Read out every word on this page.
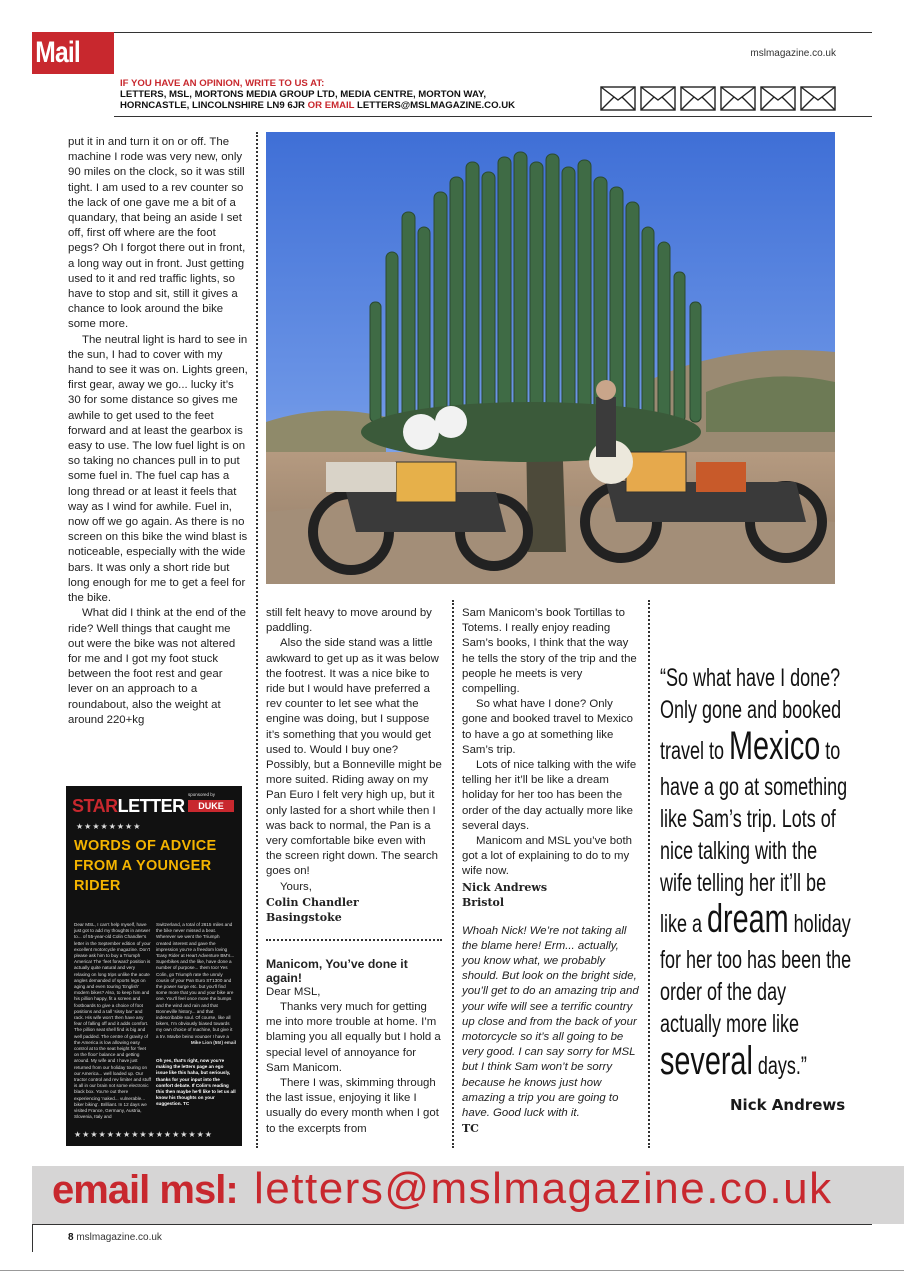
Mail	mslmagazine.co.uk
IF YOU HAVE AN OPINION, WRITE TO US AT:
LETTERS, MSL, MORTONS MEDIA GROUP LTD, MEDIA CENTRE, MORTON WAY,
HORNCASTLE, LINCOLNSHIRE LN9 6JR OR EMAIL LETTERS@MSLMAGAZINE.CO.UK

put it in and turn it on or off. The machine I rode was very new, only 90 miles on the clock, so it was still tight. I am used to a rev counter so the lack of one gave me a bit of a quandary, that being an aside I set off, first off where are the foot pegs? Oh I forgot there out in front, a long way out in front. Just getting used to it and red traffic lights, so have to stop and sit, still it gives a chance to look around the bike some more.

The neutral light is hard to see in the sun, I had to cover with my hand to see it was on. Lights green, first gear, away we go... lucky it’s 30 for some distance so gives me awhile to get used to the feet forward and at least the gearbox is easy to use. The low fuel light is on so taking no chances pull in to put some fuel in. The fuel cap has a long thread or at least it feels that way as I wind for awhile. Fuel in, now off we go again. As there is no screen on this bike the wind blast is noticeable, especially with the wide bars. It was only a short ride but long enough for me to get a feel for the bike.

What did I think at the end of the ride? Well things that caught me out were the bike was not altered for me and I got my foot stuck between the foot rest and gear lever on an approach to a roundabout, also the weight at around 220+kg

STARLETTER
sponsored by
DUKE
★★★★★★★★
WORDS OF ADVICE FROM A YOUNGER RIDER
Dear MSL, I can’t help myself, have just got to add my thoughts in answer to... of 55-year-old Colin Chandler’s letter in the September edition of your excellent motorcycle magazine. Don’t please ask him to buy a Triumph America! The ‘feet forward’ position is actually quite natural and very relaxing on long trips unlike the acute angles demanded of sports legs on aging and even touring ‘English’ modern bikes? Also, to keep him and his pillion happy, fit a screen and footboards to give a choice of foot positions and a tall ‘sissy bar’ and rack. His wife won’t then have any fear of falling off and it adds comfort. The pillion seat shell find is big and well padded. The centre of gravity of the America is low allowing easy control at to the seat height for ‘feet on the floor’ balance and getting around. My wife and I have just returned from our holiday touring on our America... well loaded up. Our tractor control and rev limiter and stuff is all in our brain not some electronic black box. You’re out there experiencing ‘naked... vulnerable... biker biking’. Brilliant. In 12 days we visited France, Germany, Austria, Slovenia, Italy and
Switzerland, a total of 2615 miles and the bike never missed a beat. Wherever we went the Triumph created interest and gave the impression you’re a freedom loving ‘Easy Rider at Heart Adventure BM’s... Superbikes and the like, have done a number of purpose... them too! Yes Colin, go Triumph rate the unruly cousin of your Pan Euro ST1300 and the power surge etc. but you’ll find some more that you and your bike are one. You’ll feel once more the bumps and the wind and rain and that Bonneville history... and that indescribable soul. Of course, like all bikers, I’m obviously biased towards my own choice of machine, but give it a try. Maybe being younger I have a
Mike Lion (55!) email
Oh yes, that’s right, now you’re making the letters page an ego issue like this haha, but seriously, thanks for your input into the comfort debate. If Colin’s reading this then maybe he’ll like to let us all know his thoughts on your suggestion. TC
★★★★★★★★★★★★★★★★★

still felt heavy to move around by paddling.

Also the side stand was a little awkward to get up as it was below the footrest. It was a nice bike to ride but I would have preferred a rev counter to let see what the engine was doing, but I suppose it’s something that you would get used to. Would I buy one? Possibly, but a Bonneville might be more suited. Riding away on my Pan Euro I felt very high up, but it only lasted for a short while then I was back to normal, the Pan is a very comfortable bike even with the screen right down. The search goes on!

Yours,

Colin Chandler
Basingstoke
Manicom, You’ve done it again!

Dear MSL,

Thanks very much for getting me into more trouble at home. I’m blaming you all equally but I hold a special level of annoyance for Sam Manicom.

There I was, skimming through the last issue, enjoying it like I usually do every month when I got to the excerpts from

Sam Manicom’s book Tortillas to Totems. I really enjoy reading Sam’s books, I think that the way he tells the story of the trip and the people he meets is very compelling.

So what have I done? Only gone and booked travel to Mexico to have a go at something like Sam’s trip.

Lots of nice talking with the wife telling her it’ll be like a dream holiday for her too has been the order of the day actually more like several days.

Manicom and MSL you’ve both got a lot of explaining to do to my wife now.

Nick Andrews
Bristol

Whoah Nick! We’re not taking all the blame here! Erm... actually, you know what, we probably should. But look on the bright side, you’ll get to do an amazing trip and your wife will see a terrific country up close and from the back of your motorcycle so it’s all going to be very good. I can say sorry for MSL but I think Sam won’t be sorry because he knows just how amazing a trip you are going to have. Good luck with it.

TC
“So what have I done?
Only gone and booked
travel to Mexico to
have a go at something
like Sam’s trip. Lots of
nice talking with the
wife telling her it’ll be
like a dream holiday
for her too has been the
order of the day
actually more like
several days.”
Nick Andrews
email msl: letters@mslmagazine.co.uk
8 mslmagazine.co.uk
